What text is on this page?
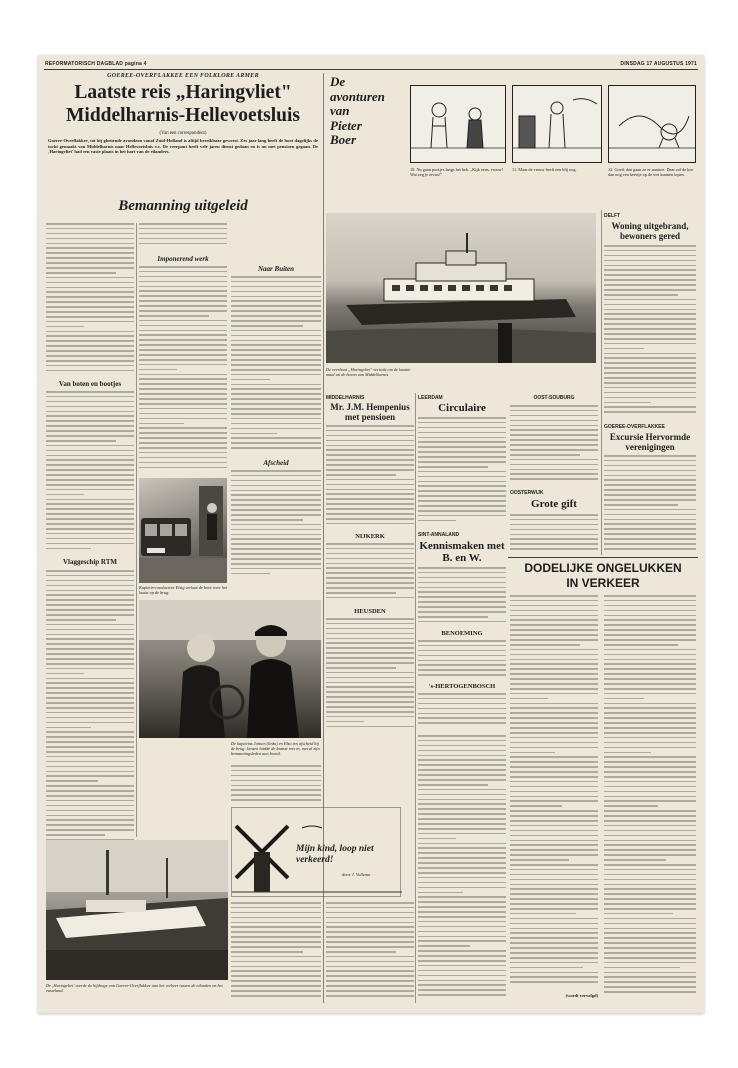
REFORMATORISCH DAGBLAD pagina 4	DINSDAG 17 AUGUSTUS 1971
GOEREE-OVERFLAKKEE EEN FOLKLORE ARMER
Laatste reis „Haringvliet"
Middelharnis-Hellevoetsluis
(Van een correspondent)
Goeree-Overflakkee, tot bij gloeiende avondzon vanaf Zuid-Holland is altijd bereikbaar geweest. Zes jaar lang heeft de boot dagelijks de tocht gemaakt van Middelharnis naar Hellevoetsluis v.v. De veerpont heeft vele jaren dienst gedaan en is nu met pensioen gegaan. De ‚Haringvliet' had een vaste plaats in het hart van de eilanders.
Bemanning uitgeleid
Van boten en bootjes
Vlaggeschip RTM
Imponerend werk
Kapitein-conducteur Elsig verlaat de boot voor het laatst op de brug.
Naar Buiten
Afscheid
De kapiteins Jansen (links) en Elzo ten afscheid bij de brug. Jansen luidde de laatste reis in, met al zijn bemanningsleden aan boord.
De ‚Haringvliet' voerde de bijdrage van Goeree-Overflakkee aan het verkeer tussen de eilanden en het vasteland.
Mijn kind, loop niet verkeerd!
door J. Vollema
(wordt vervolgd)
De
avonturen
van
Pieter
Boer
10. Nu gaan pootjes langs het hek. „Kijk eens, vrouw! Wat zeg je ervan?"
11. Maar de vrouw heeft een blij oog.	12. Goed, dan gaan ze er naartoe. Daar zal de koe dan nog een keertje op de wei kunnen lopen.
De veerboot „Haringvliet" vertrekt om de laatste maal uit de haven van Middelharnis.
MIDDELHARNIS
Mr. J.M. Hempenius met pensioen
NIJKERK
HEUSDEN
LEERDAM
Circulaire
SINT-ANNALAND
Kennismaken met B. en W.
BENOEMING
's-HERTOGENBOSCH
OOST-SOUBURG
OOSTERWIJK
Grote gift
DODELIJKE ONGELUKKEN
IN VERKEER
DELFT
Woning uitgebrand, bewoners gered
GOEREE-OVERFLAKKEE
Excursie Hervormde verenigingen
